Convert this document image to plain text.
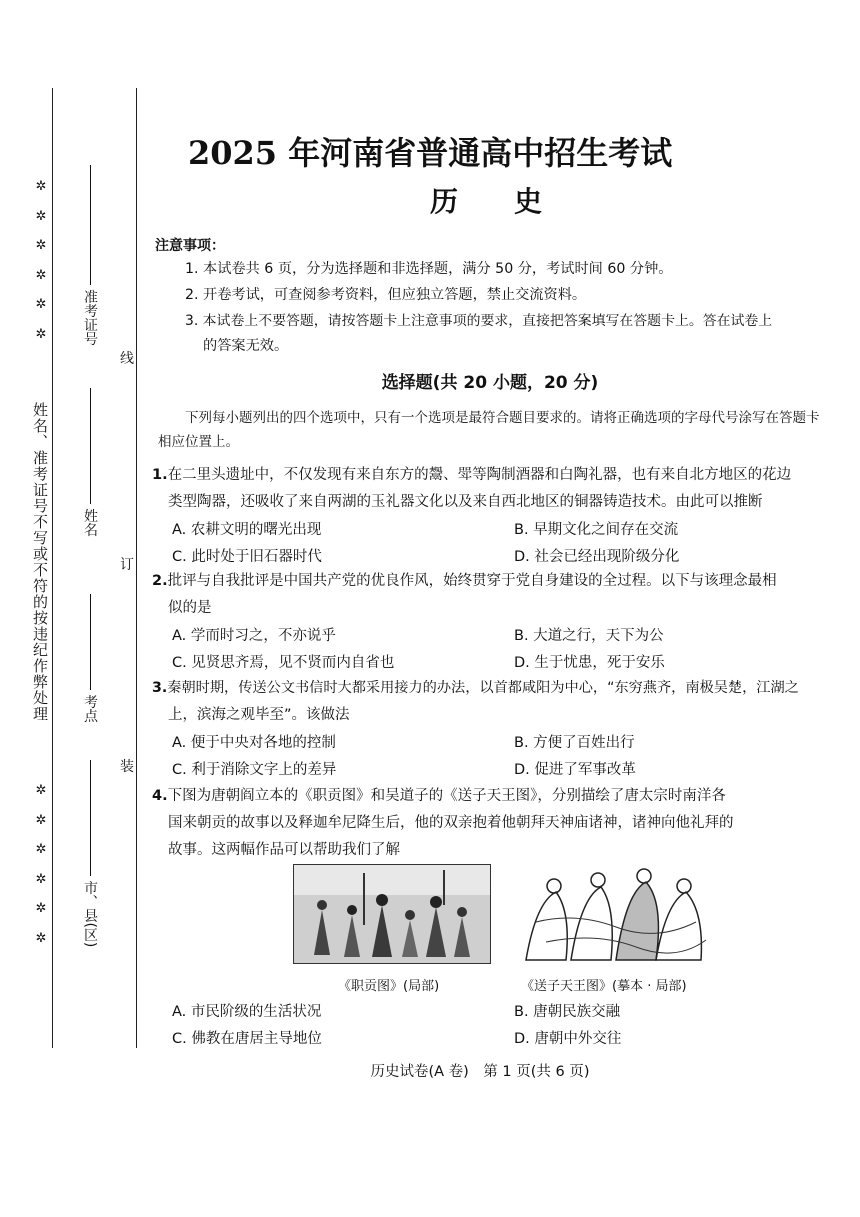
✲
✲
✲
✲
✲
✲
姓名、准考证号不写或不符的按违纪作弊处理
✲
✲
✲
✲
✲
✲
准考证号
姓名
考点
市、县(区)
线
订
装
2025 年河南省普通高中招生考试
历　　史
注意事项：
1. 本试卷共 6 页，分为选择题和非选择题，满分 50 分，考试时间 60 分钟。
2. 开卷考试，可查阅参考资料，但应独立答题，禁止交流资料。
3. 本试卷上不要答题，请按答题卡上注意事项的要求，直接把答案填写在答题卡上。答在试卷上
的答案无效。
选择题(共 20 小题，20 分)
下列每小题列出的四个选项中，只有一个选项是最符合题目要求的。请将正确选项的字母代号涂写在答题卡相应位置上。
1.在二里头遗址中，不仅发现有来自东方的鬶、斝等陶制酒器和白陶礼器，也有来自北方地区的花边
类型陶器，还吸收了来自两湖的玉礼器文化以及来自西北地区的铜器铸造技术。由此可以推断
A. 农耕文明的曙光出现	B. 早期文化之间存在交流
C. 此时处于旧石器时代	D. 社会已经出现阶级分化
2.批评与自我批评是中国共产党的优良作风，始终贯穿于党自身建设的全过程。以下与该理念最相
似的是
A. 学而时习之，不亦说乎	B. 大道之行，天下为公
C. 见贤思齐焉，见不贤而内自省也	D. 生于忧患，死于安乐
3.秦朝时期，传送公文书信时大都采用接力的办法，以首都咸阳为中心，“东穷燕齐，南极吴楚，江湖之
上，滨海之观毕至”。该做法
A. 便于中央对各地的控制	B. 方便了百姓出行
C. 利于消除文字上的差异	D. 促进了军事改革
4.下图为唐朝阎立本的《职贡图》和吴道子的《送子天王图》，分别描绘了唐太宗时南洋各
国来朝贡的故事以及释迦牟尼降生后，他的双亲抱着他朝拜天神庙诸神，诸神向他礼拜的
故事。这两幅作品可以帮助我们了解
《职贡图》(局部)	《送子天王图》(摹本 · 局部)
A. 市民阶级的生活状况	B. 唐朝民族交融
C. 佛教在唐居主导地位	D. 唐朝中外交往
历史试卷(A 卷)　第 1 页(共 6 页)
